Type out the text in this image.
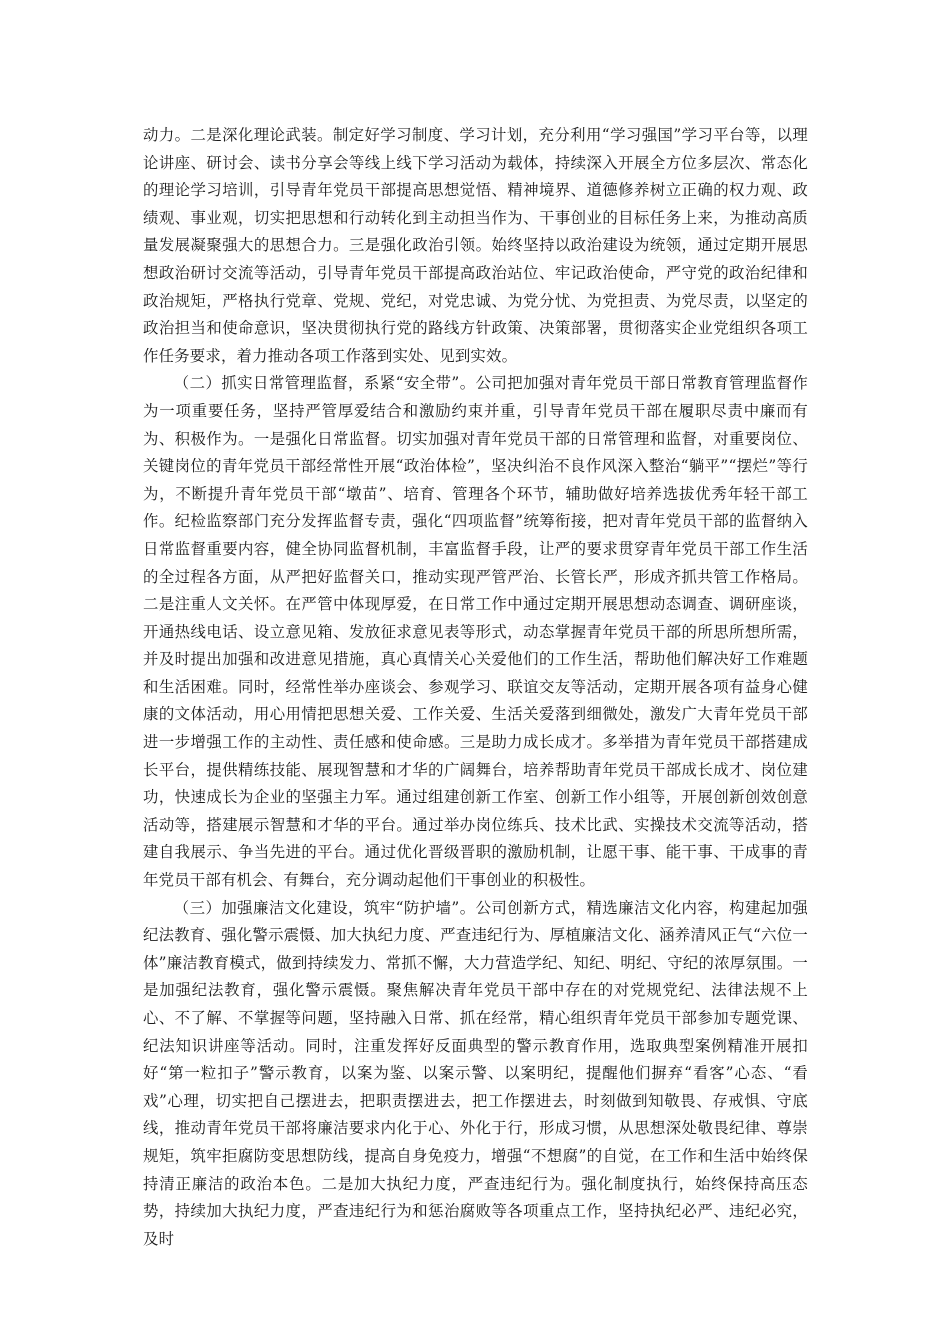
动力。二是深化理论武装。制定好学习制度、学习计划，充分利用“学习强国”学习平台等，以理论讲座、研讨会、读书分享会等线上线下学习活动为载体，持续深入开展全方位多层次、常态化的理论学习培训，引导青年党员干部提高思想觉悟、精神境界、道德修养树立正确的权力观、政绩观、事业观，切实把思想和行动转化到主动担当作为、干事创业的目标任务上来，为推动高质量发展凝聚强大的思想合力。三是强化政治引领。始终坚持以政治建设为统领，通过定期开展思想政治研讨交流等活动，引导青年党员干部提高政治站位、牢记政治使命，严守党的政治纪律和政治规矩，严格执行党章、党规、党纪，对党忠诚、为党分忧、为党担责、为党尽责，以坚定的政治担当和使命意识，坚决贯彻执行党的路线方针政策、决策部署，贯彻落实企业党组织各项工作任务要求，着力推动各项工作落到实处、见到实效。

（二）抓实日常管理监督，系紧“安全带”。公司把加强对青年党员干部日常教育管理监督作为一项重要任务，坚持严管厚爱结合和激励约束并重，引导青年党员干部在履职尽责中廉而有为、积极作为。一是强化日常监督。切实加强对青年党员干部的日常管理和监督，对重要岗位、关键岗位的青年党员干部经常性开展“政治体检”，坚决纠治不良作风深入整治“躺平”“摆烂”等行为，不断提升青年党员干部“墩苗”、培育、管理各个环节，辅助做好培养选拔优秀年轻干部工作。纪检监察部门充分发挥监督专责，强化“四项监督”统筹衔接，把对青年党员干部的监督纳入日常监督重要内容，健全协同监督机制，丰富监督手段，让严的要求贯穿青年党员干部工作生活的全过程各方面，从严把好监督关口，推动实现严管严治、长管长严，形成齐抓共管工作格局。二是注重人文关怀。在严管中体现厚爱，在日常工作中通过定期开展思想动态调查、调研座谈，开通热线电话、设立意见箱、发放征求意见表等形式，动态掌握青年党员干部的所思所想所需，并及时提出加强和改进意见措施，真心真情关心关爱他们的工作生活，帮助他们解决好工作难题和生活困难。同时，经常性举办座谈会、参观学习、联谊交友等活动，定期开展各项有益身心健康的文体活动，用心用情把思想关爱、工作关爱、生活关爱落到细微处，激发广大青年党员干部进一步增强工作的主动性、责任感和使命感。三是助力成长成才。多举措为青年党员干部搭建成长平台，提供精练技能、展现智慧和才华的广阔舞台，培养帮助青年党员干部成长成才、岗位建功，快速成长为企业的坚强主力军。通过组建创新工作室、创新工作小组等，开展创新创效创意活动等，搭建展示智慧和才华的平台。通过举办岗位练兵、技术比武、实操技术交流等活动，搭建自我展示、争当先进的平台。通过优化晋级晋职的激励机制，让愿干事、能干事、干成事的青年党员干部有机会、有舞台，充分调动起他们干事创业的积极性。

（三）加强廉洁文化建设，筑牢“防护墙”。公司创新方式，精选廉洁文化内容，构建起加强纪法教育、强化警示震慑、加大执纪力度、严查违纪行为、厚植廉洁文化、涵养清风正气“六位一体”廉洁教育模式，做到持续发力、常抓不懈，大力营造学纪、知纪、明纪、守纪的浓厚氛围。一是加强纪法教育，强化警示震慑。聚焦解决青年党员干部中存在的对党规党纪、法律法规不上心、不了解、不掌握等问题，坚持融入日常、抓在经常，精心组织青年党员干部参加专题党课、纪法知识讲座等活动。同时，注重发挥好反面典型的警示教育作用，选取典型案例精准开展扣好“第一粒扣子”警示教育，以案为鉴、以案示警、以案明纪，提醒他们摒弃“看客”心态、“看戏”心理，切实把自己摆进去，把职责摆进去，把工作摆进去，时刻做到知敬畏、存戒惧、守底线，推动青年党员干部将廉洁要求内化于心、外化于行，形成习惯，从思想深处敬畏纪律、尊崇规矩，筑牢拒腐防变思想防线，提高自身免疫力，增强“不想腐”的自觉，在工作和生活中始终保持清正廉洁的政治本色。二是加大执纪力度，严查违纪行为。强化制度执行，始终保持高压态势，持续加大执纪力度，严查违纪行为和惩治腐败等各项重点工作，坚持执纪必严、违纪必究，及时
